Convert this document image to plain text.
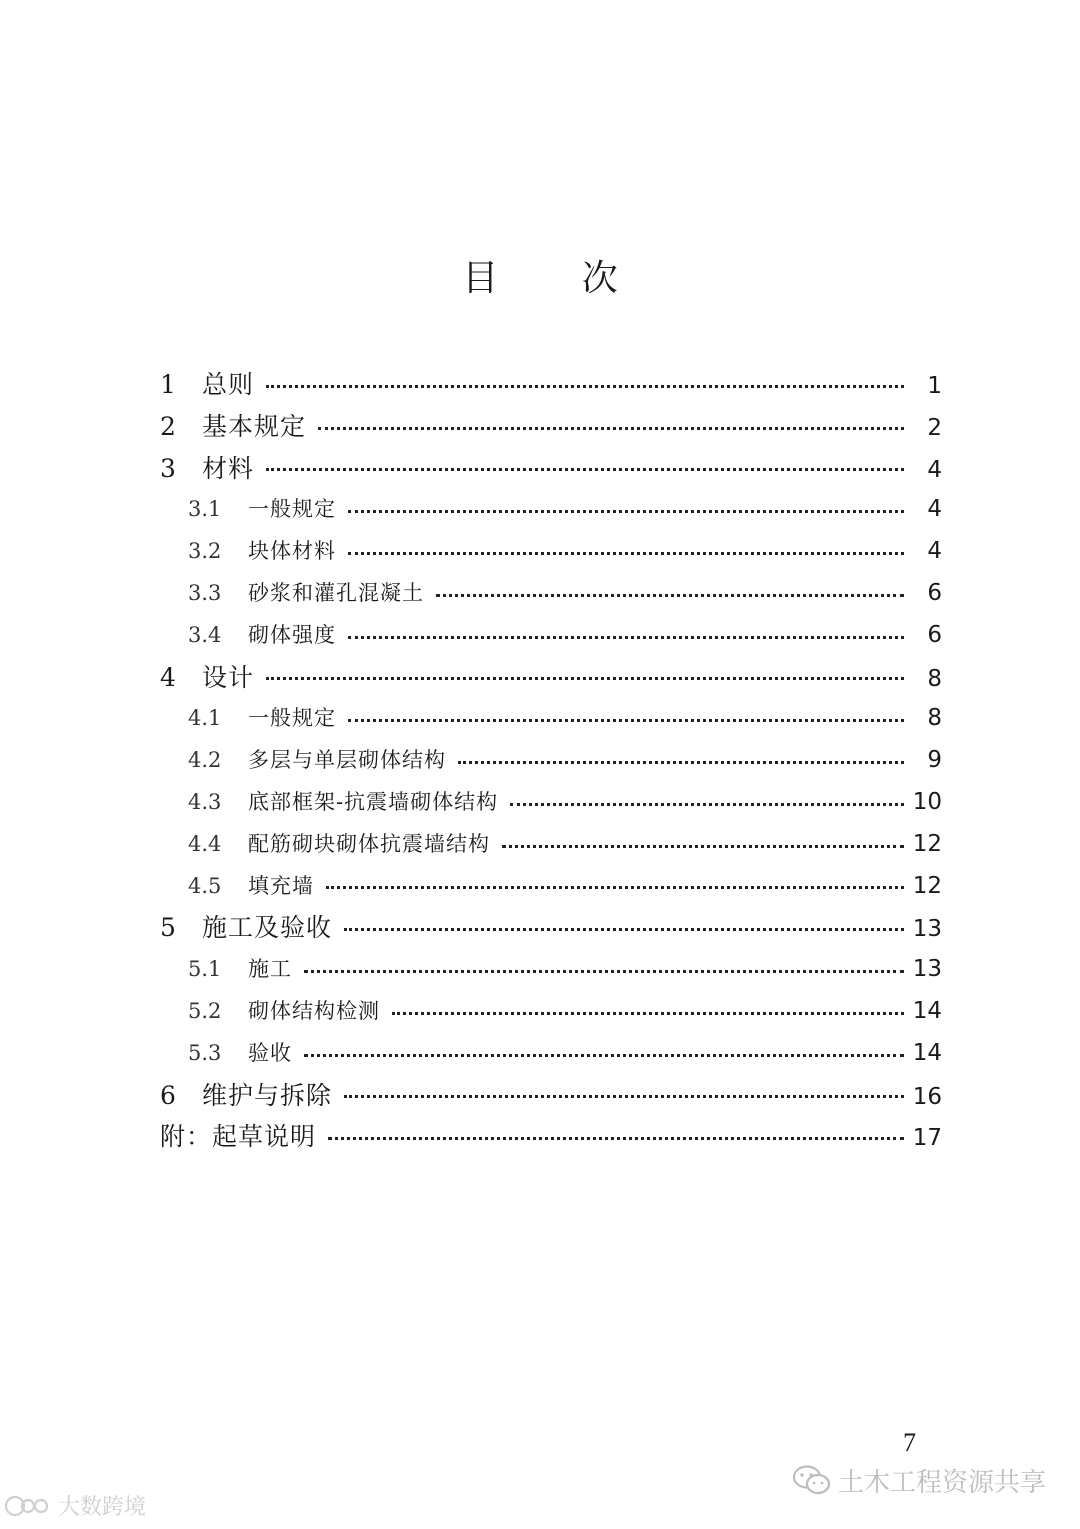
目 次
1	总则	1
2	基本规定	2
3	材料	4
3.1	一般规定	4
3.2	块体材料	4
3.3	砂浆和灌孔混凝土	6
3.4	砌体强度	6
4	设计	8
4.1	一般规定	8
4.2	多层与单层砌体结构	9
4.3	底部框架-抗震墙砌体结构	10
4.4	配筋砌块砌体抗震墙结构	12
4.5	填充墙	12
5	施工及验收	13
5.1	施工	13
5.2	砌体结构检测	14
5.3	验收	14
6	维护与拆除	16
附：起草说明	17
7
土木工程资源共享
大数跨境
